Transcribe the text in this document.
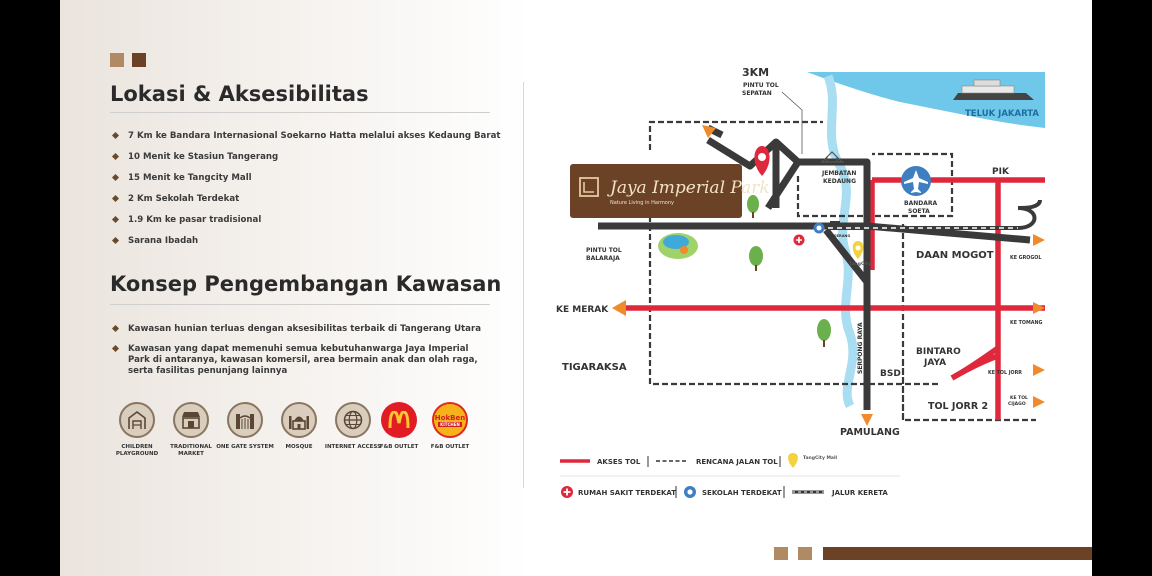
Lokasi & Aksesibilitas
7 Km ke Bandara Internasional Soekarno Hatta melalui akses Kedaung Barat
10 Menit ke Stasiun Tangerang
15 Menit ke Tangcity Mall
2 Km Sekolah Terdekat
1.9 Km ke pasar tradisional
Sarana Ibadah
Konsep Pengembangan Kawasan
Kawasan hunian terluas dengan aksesibilitas terbaik di Tangerang Utara
Kawasan yang dapat memenuhi semua kebutuhanwarga Jaya Imperial Park di antaranya, kawasan komersil, area bermain anak dan olah raga, serta fasilitas penunjang lainnya
CHILDREN PLAYGROUND
TRADITIONAL MARKET
ONE GATE SYSTEM	MOSQUE	INTERNET ACCESS
F&B OUTLET
HokBen
KITCHEN
F&B OUTLET
TELUK JAKARTA
TANGERANG
TangCity
Jaya Imperial Park
Nature Living in Harmony
3KM
PINTU TOL
SEPATAN
JEMBATAN
KEDAUNG
BANDARA
SOETA
PIK
DAAN MOGOT	KE GROGOL
PINTU TOL
BALARAJA
KE MERAK
KE TOMANG
TIGARAKSA
BINTARO
JAYA
BSD	KE TOL JORR
TOL JORR 2
KE TOL
CIJAGO
SERPONG RAYA
PAMULANG
AKSES TOL	RENCANA JALAN TOL	TangCity Mall
RUMAH SAKIT TERDEKAT	SEKOLAH TERDEKAT	JALUR KERETA
